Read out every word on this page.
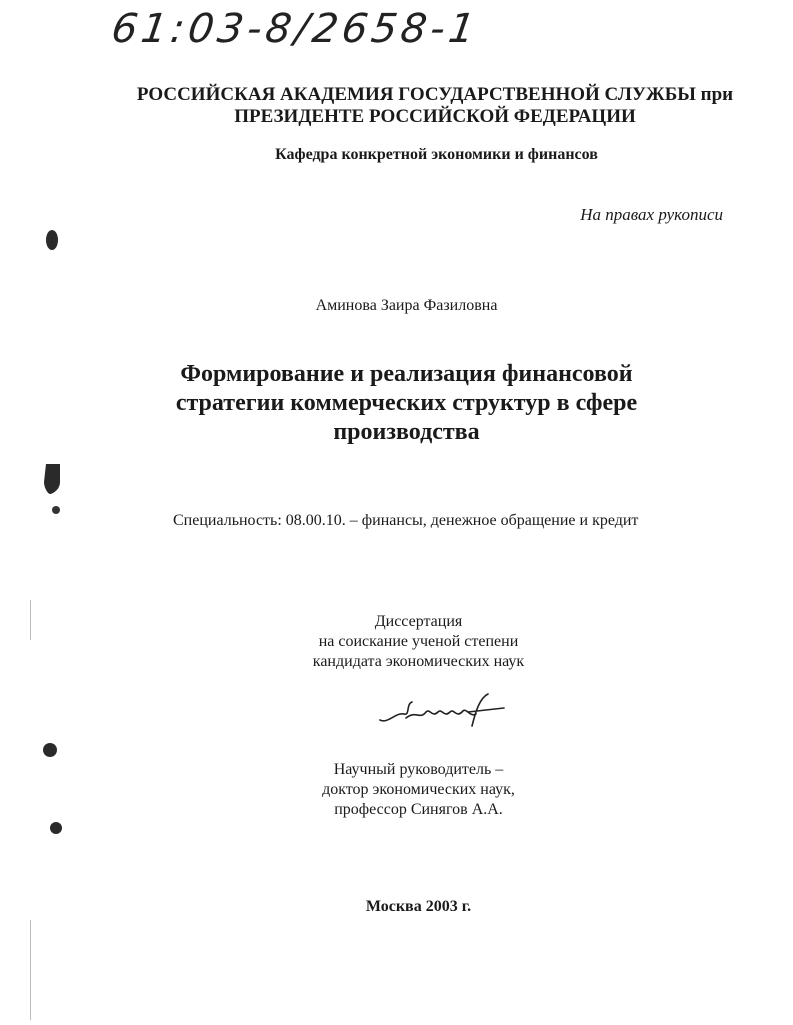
61:03-8/2658-1
РОССИЙСКАЯ АКАДЕМИЯ ГОСУДАРСТВЕННОЙ СЛУЖБЫ при
ПРЕЗИДЕНТЕ РОССИЙСКОЙ ФЕДЕРАЦИИ
Кафедра конкретной экономики и финансов
На правах рукописи
Аминова Заира Фазиловна
Формирование и реализация финансовой
стратегии коммерческих структур в сфере
производства
Специальность: 08.00.10. – финансы, денежное обращение и кредит
Диссертация
на соискание ученой степени
кандидата экономических наук
Научный руководитель –
доктор экономических наук,
профессор Синягов А.А.
Москва 2003 г.
